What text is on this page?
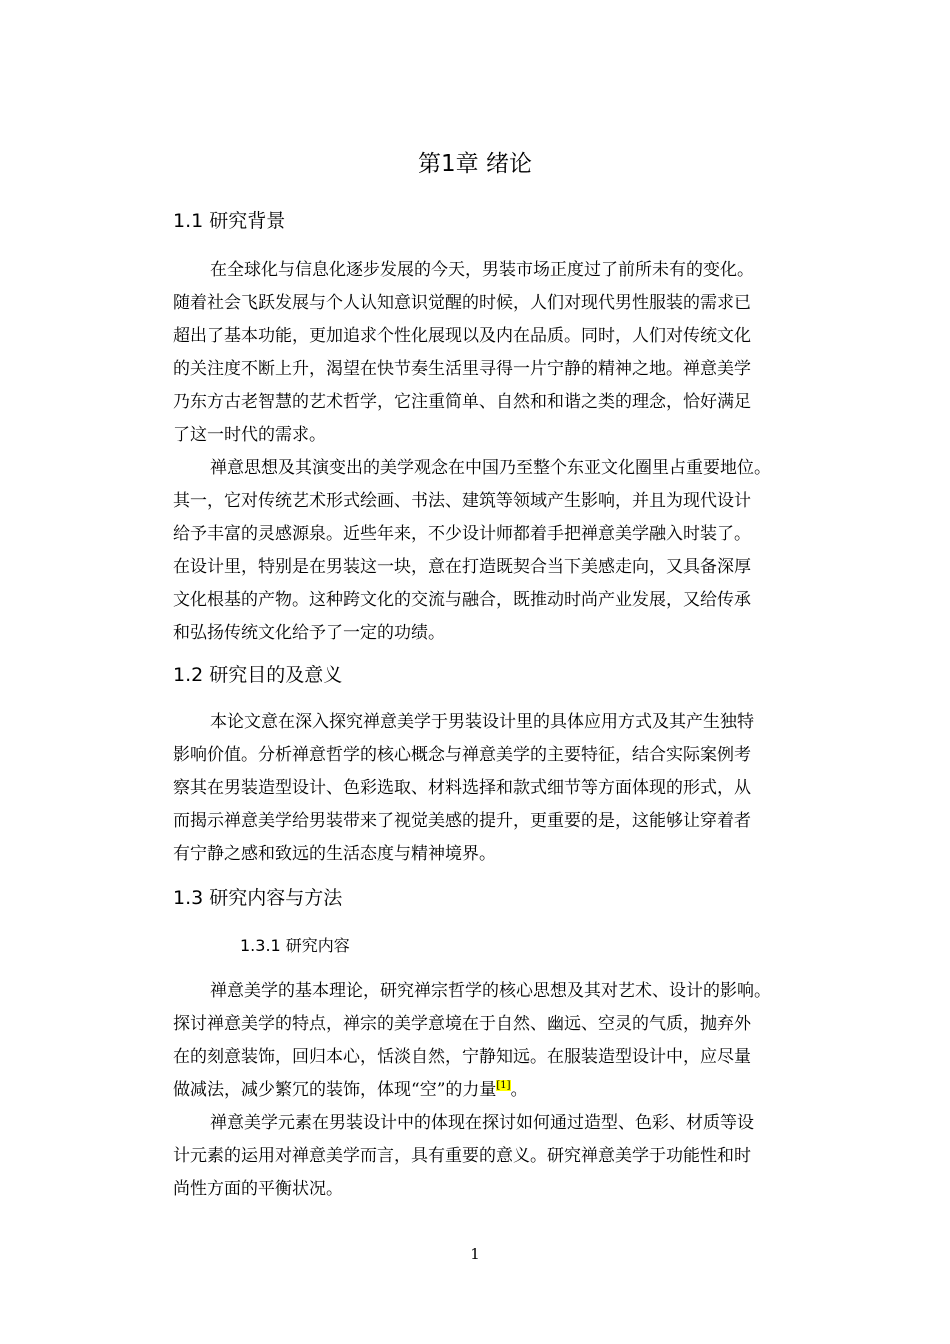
第1章 绪论
1.1 研究背景
在全球化与信息化逐步发展的今天，男装市场正度过了前所未有的变化。
随着社会飞跃发展与个人认知意识觉醒的时候，人们对现代男性服装的需求已
超出了基本功能，更加追求个性化展现以及内在品质。同时，人们对传统文化
的关注度不断上升，渴望在快节奏生活里寻得一片宁静的精神之地。禅意美学
乃东方古老智慧的艺术哲学，它注重简单、自然和和谐之类的理念，恰好满足
了这一时代的需求。
禅意思想及其演变出的美学观念在中国乃至整个东亚文化圈里占重要地位。
其一，它对传统艺术形式绘画、书法、建筑等领域产生影响，并且为现代设计
给予丰富的灵感源泉。近些年来，不少设计师都着手把禅意美学融入时装了。
在设计里，特别是在男装这一块，意在打造既契合当下美感走向，又具备深厚
文化根基的产物。这种跨文化的交流与融合，既推动时尚产业发展，又给传承
和弘扬传统文化给予了一定的功绩。
1.2 研究目的及意义
本论文意在深入探究禅意美学于男装设计里的具体应用方式及其产生独特
影响价值。分析禅意哲学的核心概念与禅意美学的主要特征，结合实际案例考
察其在男装造型设计、色彩选取、材料选择和款式细节等方面体现的形式，从
而揭示禅意美学给男装带来了视觉美感的提升，更重要的是，这能够让穿着者
有宁静之感和致远的生活态度与精神境界。
1.3 研究内容与方法
1.3.1 研究内容
禅意美学的基本理论，研究禅宗哲学的核心思想及其对艺术、设计的影响。
探讨禅意美学的特点，禅宗的美学意境在于自然、幽远、空灵的气质，抛弃外
在的刻意装饰，回归本心，恬淡自然，宁静知远。在服装造型设计中，应尽量
做减法，减少繁冗的装饰，体现“空”的力量[1]。
禅意美学元素在男装设计中的体现在探讨如何通过造型、色彩、材质等设
计元素的运用对禅意美学而言，具有重要的意义。研究禅意美学于功能性和时
尚性方面的平衡状况。
1
